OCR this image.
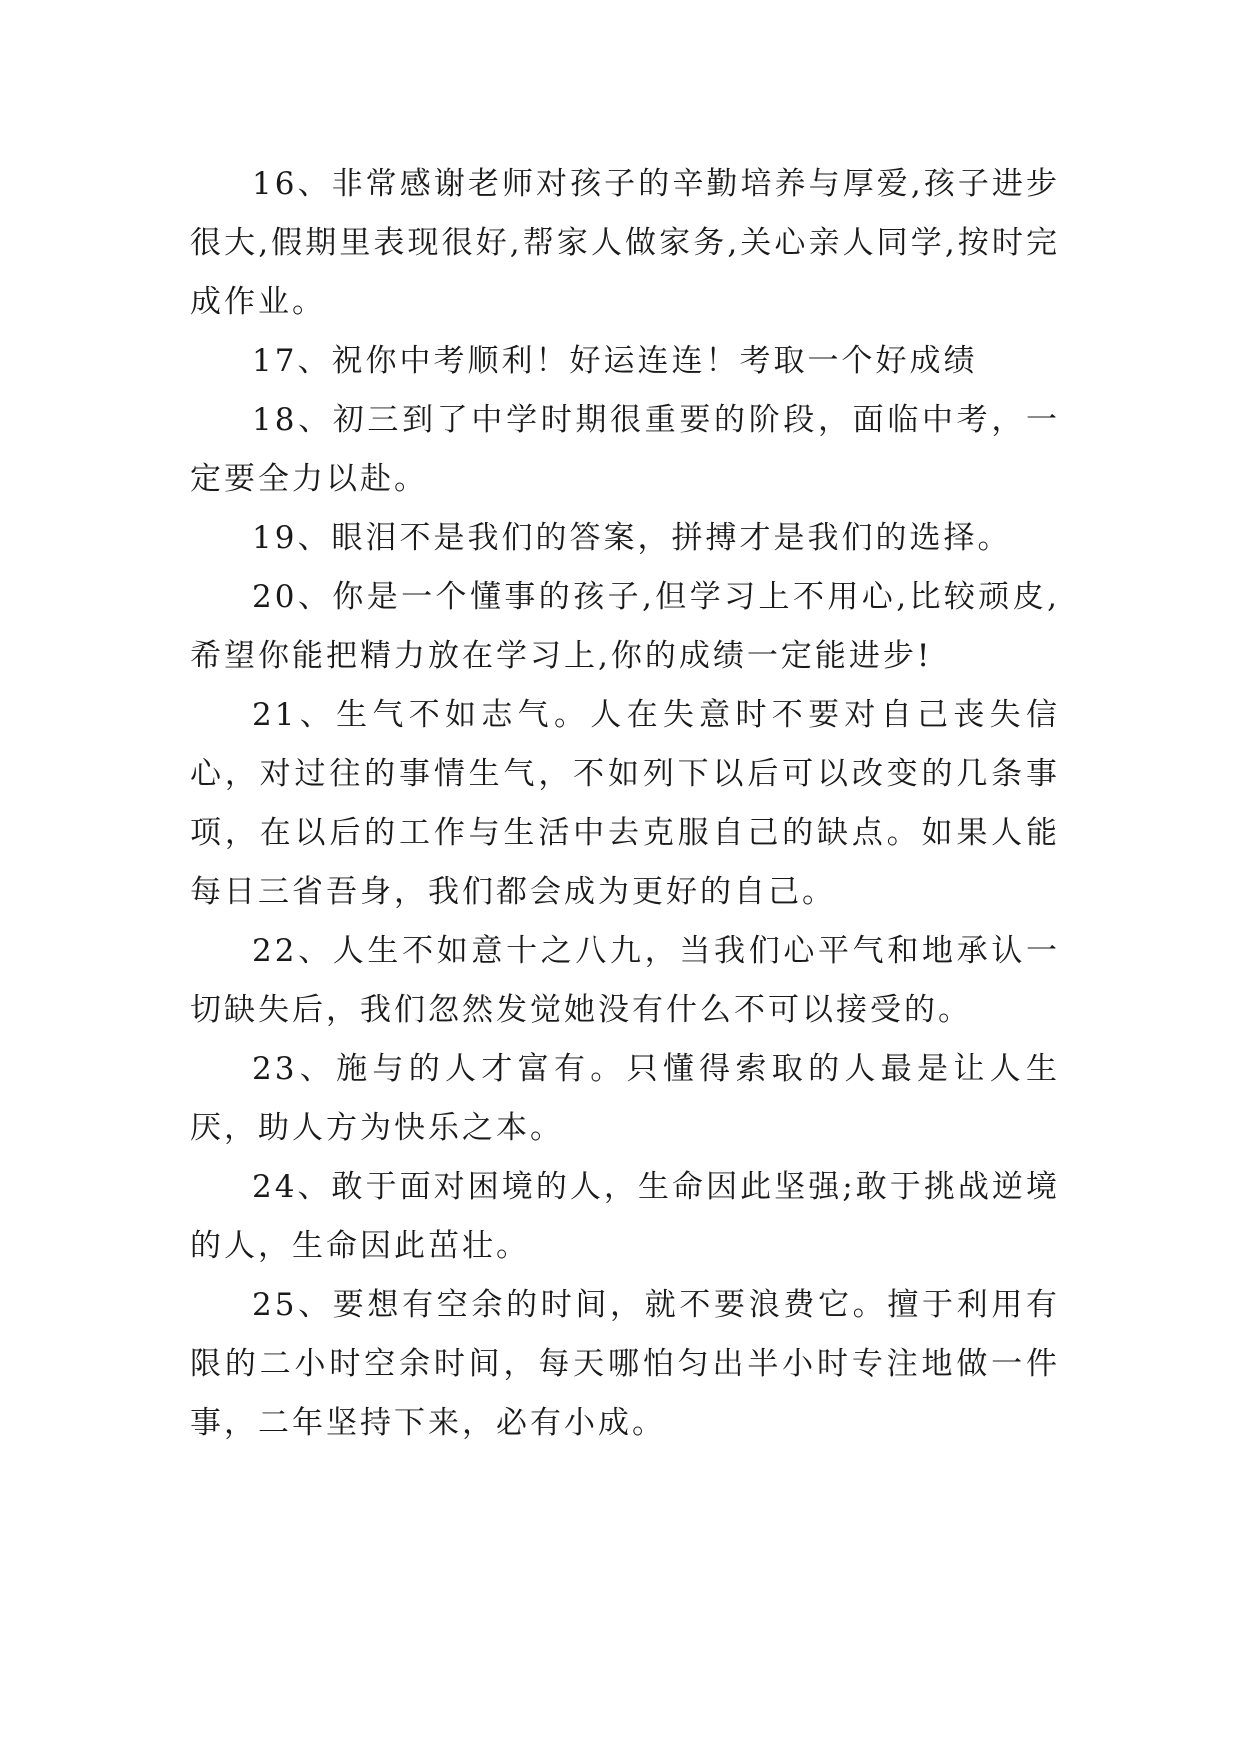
16、非常感谢老师对孩子的辛勤培养与厚爱,孩子进步很大,假期里表现很好,帮家人做家务,关心亲人同学,按时完成作业。

17、祝你中考顺利！好运连连！考取一个好成绩

18、初三到了中学时期很重要的阶段，面临中考，一定要全力以赴。

19、眼泪不是我们的答案，拼搏才是我们的选择。

20、你是一个懂事的孩子,但学习上不用心,比较顽皮,希望你能把精力放在学习上,你的成绩一定能进步!

21、生气不如志气。人在失意时不要对自己丧失信心，对过往的事情生气，不如列下以后可以改变的几条事项，在以后的工作与生活中去克服自己的缺点。如果人能每日三省吾身，我们都会成为更好的自己。

22、人生不如意十之八九，当我们心平气和地承认一切缺失后，我们忽然发觉她没有什么不可以接受的。

23、施与的人才富有。只懂得索取的人最是让人生厌，助人方为快乐之本。

24、敢于面对困境的人，生命因此坚强;敢于挑战逆境的人，生命因此茁壮。

25、要想有空余的时间，就不要浪费它。擅于利用有限的二小时空余时间，每天哪怕匀出半小时专注地做一件事，二年坚持下来，必有小成。
